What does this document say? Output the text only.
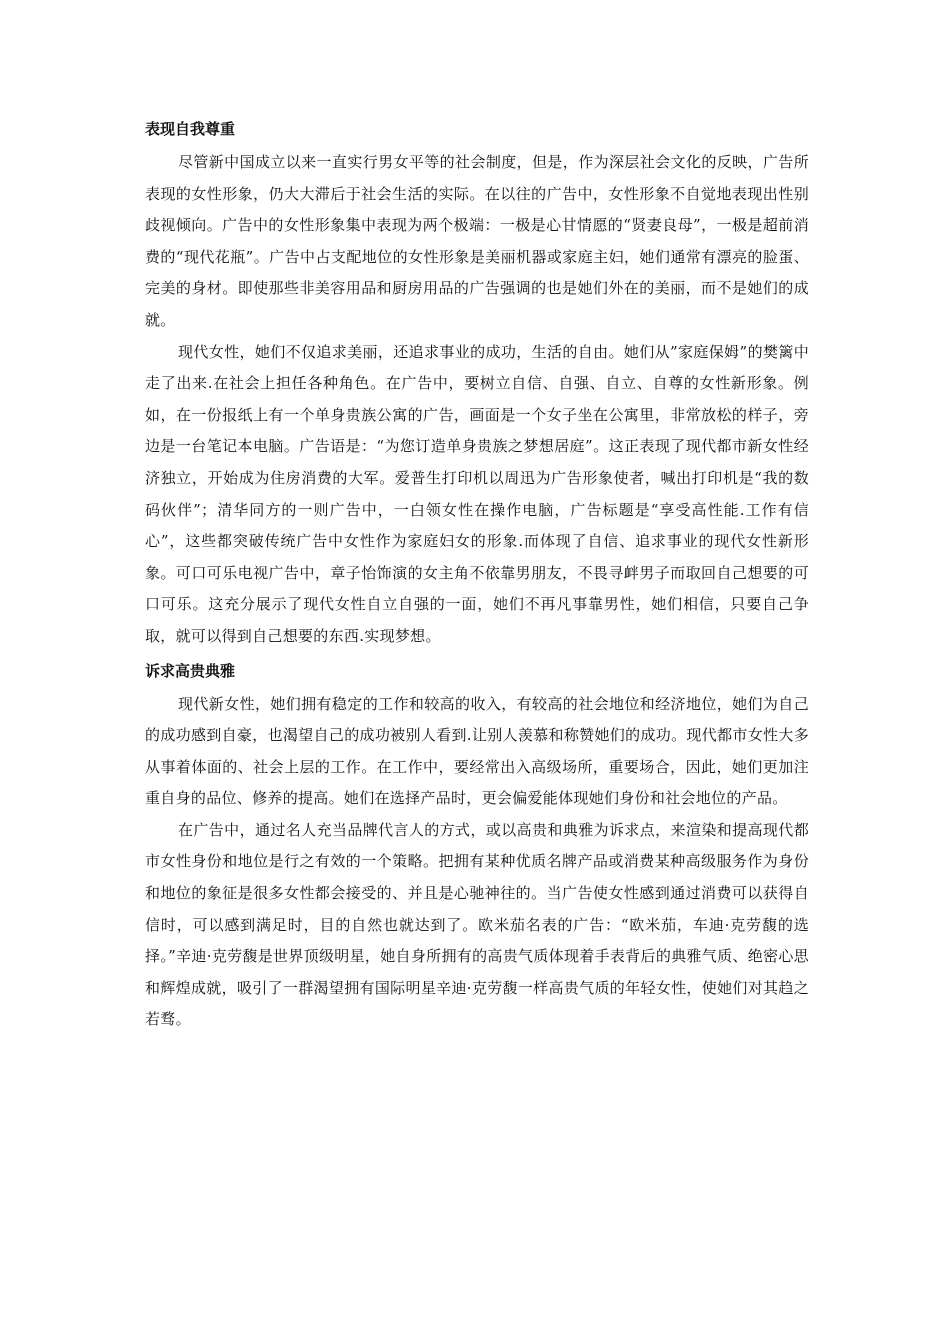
表现自我尊重

尽管新中国成立以来一直实行男女平等的社会制度，但是，作为深层社会文化的反映，广告所表现的女性形象，仍大大滞后于社会生活的实际。在以往的广告中，女性形象不自觉地表现出性别歧视倾向。广告中的女性形象集中表现为两个极端：一极是心甘情愿的“贤妻良母”，一极是超前消费的“现代花瓶”。广告中占支配地位的女性形象是美丽机器或家庭主妇，她们通常有漂亮的脸蛋、完美的身材。即使那些非美容用品和厨房用品的广告强调的也是她们外在的美丽，而不是她们的成就。

现代女性，她们不仅追求美丽，还追求事业的成功，生活的自由。她们从”家庭保姆”的樊篱中走了出来.在社会上担任各种角色。在广告中，要树立自信、自强、自立、自尊的女性新形象。例如，在一份报纸上有一个单身贵族公寓的广告，画面是一个女子坐在公寓里，非常放松的样子，旁边是一台笔记本电脑。广告语是：“为您订造单身贵族之梦想居庭”。这正表现了现代都市新女性经济独立，开始成为住房消费的大军。爱普生打印机以周迅为广告形象使者，喊出打印机是“我的数码伙伴”；清华同方的一则广告中，一白领女性在操作电脑，广告标题是“享受高性能.工作有信心”，这些都突破传统广告中女性作为家庭妇女的形象.而体现了自信、追求事业的现代女性新形象。可口可乐电视广告中，章子怡饰演的女主角不依靠男朋友，不畏寻衅男子而取回自己想要的可口可乐。这充分展示了现代女性自立自强的一面，她们不再凡事靠男性，她们相信，只要自己争取，就可以得到自己想要的东西.实现梦想。

诉求高贵典雅

现代新女性，她们拥有稳定的工作和较高的收入，有较高的社会地位和经济地位，她们为自己的成功感到自豪，也渴望自己的成功被别人看到.让别人羡慕和称赞她们的成功。现代都市女性大多从事着体面的、社会上层的工作。在工作中，要经常出入高级场所，重要场合，因此，她们更加注重自身的品位、修养的提高。她们在选择产品时，更会偏爱能体现她们身份和社会地位的产品。

在广告中，通过名人充当品牌代言人的方式，或以高贵和典雅为诉求点，来渲染和提高现代都市女性身份和地位是行之有效的一个策略。把拥有某种优质名牌产品或消费某种高级服务作为身份和地位的象征是很多女性都会接受的、并且是心驰神往的。当广告使女性感到通过消费可以获得自信时，可以感到满足时，目的自然也就达到了。欧米茄名表的广告：“欧米茄，车迪·克劳馥的选择。”辛迪·克劳馥是世界顶级明星，她自身所拥有的高贵气质体现着手表背后的典雅气质、绝密心思和辉煌成就，吸引了一群渴望拥有国际明星辛迪·克劳馥一样高贵气质的年轻女性，使她们对其趋之若骛。
